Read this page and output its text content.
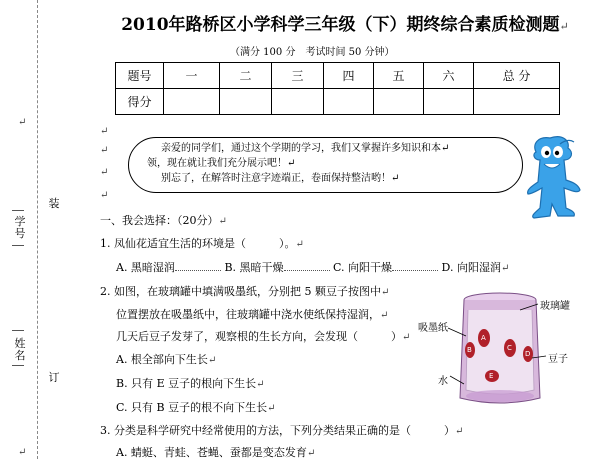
↵
学号
装
姓名
订
↵
2010年路桥区小学科学三年级（下）期终综合素质检测题↵
（满分 100 分　考试时间 50 分钟）
题号	一	二	三	四	五	六	总 分
得分							
↵
↵
↵
↵

亲爱的同学们，通过这个学期的学习，我们又掌握许多知识和本↵

领，现在就让我们充分展示吧！↵

别忘了，在解答时注意字迹端正，卷面保持整洁哟！↵

一、我会选择：（20分）↵
1. 凤仙花适宜生活的环境是（　　　）。↵
A. 黑暗湿润	B. 黑暗干燥	C. 向阳干燥	D. 向阳湿润↵
2. 如图，在玻璃罐中填满吸墨纸，分别把 5 颗豆子按图中↵
位置摆放在吸墨纸中，往玻璃罐中浇水使纸保持湿润，↵
几天后豆子发芽了，观察根的生长方向，会发现（　　　）↵
A. 根全部向下生长↵
B. 只有 E 豆子的根向下生长↵
C. 只有 B 豆子的根不向下生长↵
A
B	C
D
E
玻璃罐
吸墨纸
豆子
水
3. 分类是科学研究中经常使用的方法，下列分类结果正确的是（　　　）↵
A. 蜻蜓、青蛙、苍蝇、蚕都是变态发育↵
